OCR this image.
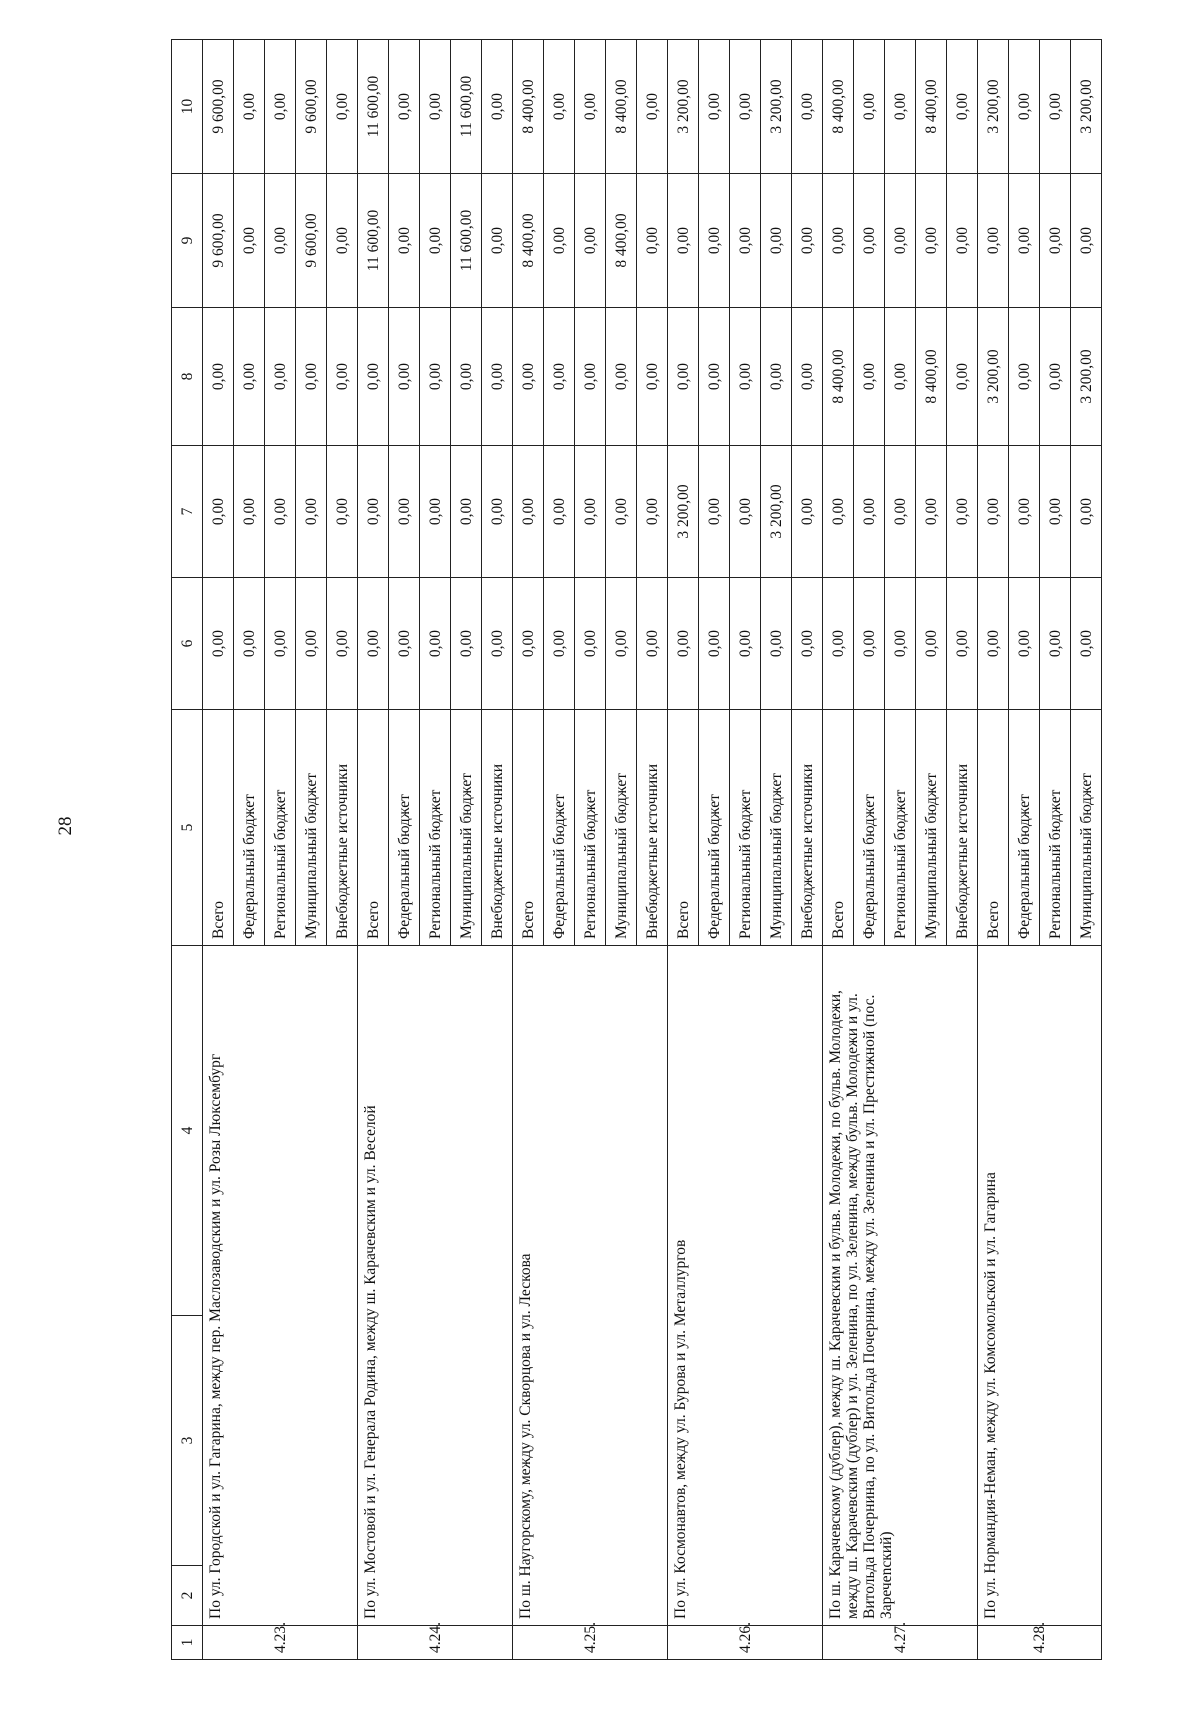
28
1	2	3	4	5	6	7	8	9	10
4.23.	По ул. Городской и ул. Гагарина, между пер. Маслозаводским и ул. Розы Люксембург			Всего	0,00	0,00	0,00	9 600,00	9 600,00
				Федеральный бюджет	0,00	0,00	0,00	0,00	0,00
				Региональный бюджет	0,00	0,00	0,00	0,00	0,00
				Муниципальный бюджет	0,00	0,00	0,00	9 600,00	9 600,00
				Внебюджетные источники	0,00	0,00	0,00	0,00	0,00
4.24.	По ул. Мостовой и ул. Генерала Родина, между ш. Карачевским и ул. Веселой			Всего	0,00	0,00	0,00	11 600,00	11 600,00
				Федеральный бюджет	0,00	0,00	0,00	0,00	0,00
				Региональный бюджет	0,00	0,00	0,00	0,00	0,00
				Муниципальный бюджет	0,00	0,00	0,00	11 600,00	11 600,00
				Внебюджетные источники	0,00	0,00	0,00	0,00	0,00
4.25.	По ш. Наугорскому, между ул. Скворцова и ул. Лескова			Всего	0,00	0,00	0,00	8 400,00	8 400,00
				Федеральный бюджет	0,00	0,00	0,00	0,00	0,00
				Региональный бюджет	0,00	0,00	0,00	0,00	0,00
				Муниципальный бюджет	0,00	0,00	0,00	8 400,00	8 400,00
				Внебюджетные источники	0,00	0,00	0,00	0,00	0,00
4.26.	По ул. Космонавтов, между ул. Бурова и ул. Металлургов			Всего	0,00	3 200,00	0,00	0,00	3 200,00
				Федеральный бюджет	0,00	0,00	0,00	0,00	0,00
				Региональный бюджет	0,00	0,00	0,00	0,00	0,00
				Муниципальный бюджет	0,00	3 200,00	0,00	0,00	3 200,00
				Внебюджетные источники	0,00	0,00	0,00	0,00	0,00
4.27.	По ш. Карачевскому (дублер), между ш. Карачевским и бульв. Молодежи, по бульв. Молодежи, между ш. Карачевским (дублер) и ул. Зеленина, по ул. Зеленина, между бульв. Молодежи и ул. Витольда Почернина, по ул. Витольда Почернина, между ул. Зеленина и ул. Престижной (пос. Заречenский)			Всего	0,00	0,00	8 400,00	0,00	8 400,00
				Федеральный бюджет	0,00	0,00	0,00	0,00	0,00
				Региональный бюджет	0,00	0,00	0,00	0,00	0,00
				Муниципальный бюджет	0,00	0,00	8 400,00	0,00	8 400,00
				Внебюджетные источники	0,00	0,00	0,00	0,00	0,00
4.28.	По ул. Нормандия-Неман, между ул. Комсомольской и ул. Гагарина			Всего	0,00	0,00	3 200,00	0,00	3 200,00
				Федеральный бюджет	0,00	0,00	0,00	0,00	0,00
				Региональный бюджет	0,00	0,00	0,00	0,00	0,00
				Муниципальный бюджет	0,00	0,00	3 200,00	0,00	3 200,00
